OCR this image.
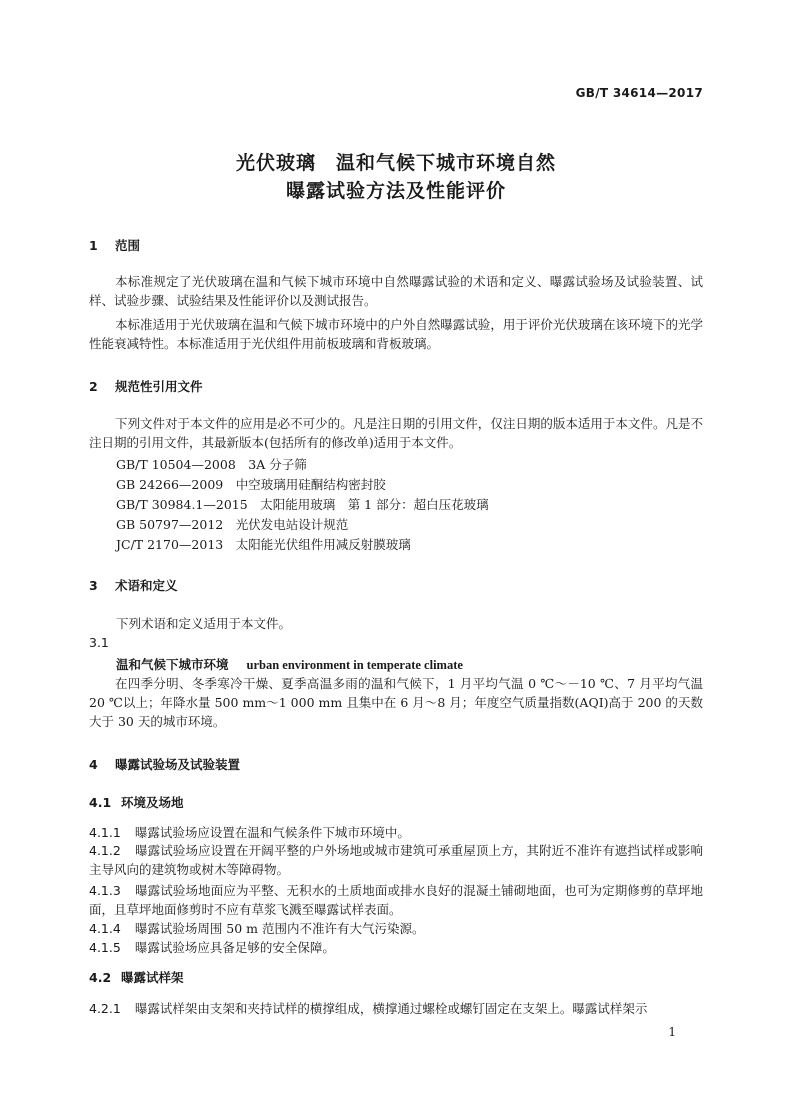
GB/T 34614—2017
光伏玻璃　温和气候下城市环境自然
曝露试验方法及性能评价
1 范围
本标准规定了光伏玻璃在温和气候下城市环境中自然曝露试验的术语和定义、曝露试验场及试验装置、试样、试验步骤、试验结果及性能评价以及测试报告。
本标准适用于光伏玻璃在温和气候下城市环境中的户外自然曝露试验，用于评价光伏玻璃在该环境下的光学性能衰减特性。本标准适用于光伏组件用前板玻璃和背板玻璃。
2 规范性引用文件
下列文件对于本文件的应用是必不可少的。凡是注日期的引用文件，仅注日期的版本适用于本文件。凡是不注日期的引用文件，其最新版本(包括所有的修改单)适用于本文件。
GB/T 10504—2008　3A 分子筛
GB 24266—2009　中空玻璃用硅酮结构密封胶
GB/T 30984.1—2015　太阳能用玻璃　第 1 部分：超白压花玻璃
GB 50797—2012　光伏发电站设计规范
JC/T 2170—2013　太阳能光伏组件用减反射膜玻璃
3 术语和定义
下列术语和定义适用于本文件。
3.1
温和气候下城市环境 urban environment in temperate climate
在四季分明、冬季寒冷干燥、夏季高温多雨的温和气候下，1 月平均气温 0 ℃～－10 ℃、7 月平均气温 20 ℃以上；年降水量 500 mm～1 000 mm 且集中在 6 月～8 月；年度空气质量指数(AQI)高于 200 的天数大于 30 天的城市环境。
4 曝露试验场及试验装置
4.1 环境及场地
4.1.1 曝露试验场应设置在温和气候条件下城市环境中。
4.1.2 曝露试验场应设置在开阔平整的户外场地或城市建筑可承重屋顶上方，其附近不准许有遮挡试样或影响主导风向的建筑物或树木等障碍物。
4.1.3 曝露试验场地面应为平整、无积水的土质地面或排水良好的混凝土铺砌地面，也可为定期修剪的草坪地面，且草坪地面修剪时不应有草浆飞溅至曝露试样表面。
4.1.4 曝露试验场周围 50 m 范围内不准许有大气污染源。
4.1.5 曝露试验场应具备足够的安全保障。
4.2 曝露试样架
4.2.1 曝露试样架由支架和夹持试样的横撑组成，横撑通过螺栓或螺钉固定在支架上。曝露试样架示
1
